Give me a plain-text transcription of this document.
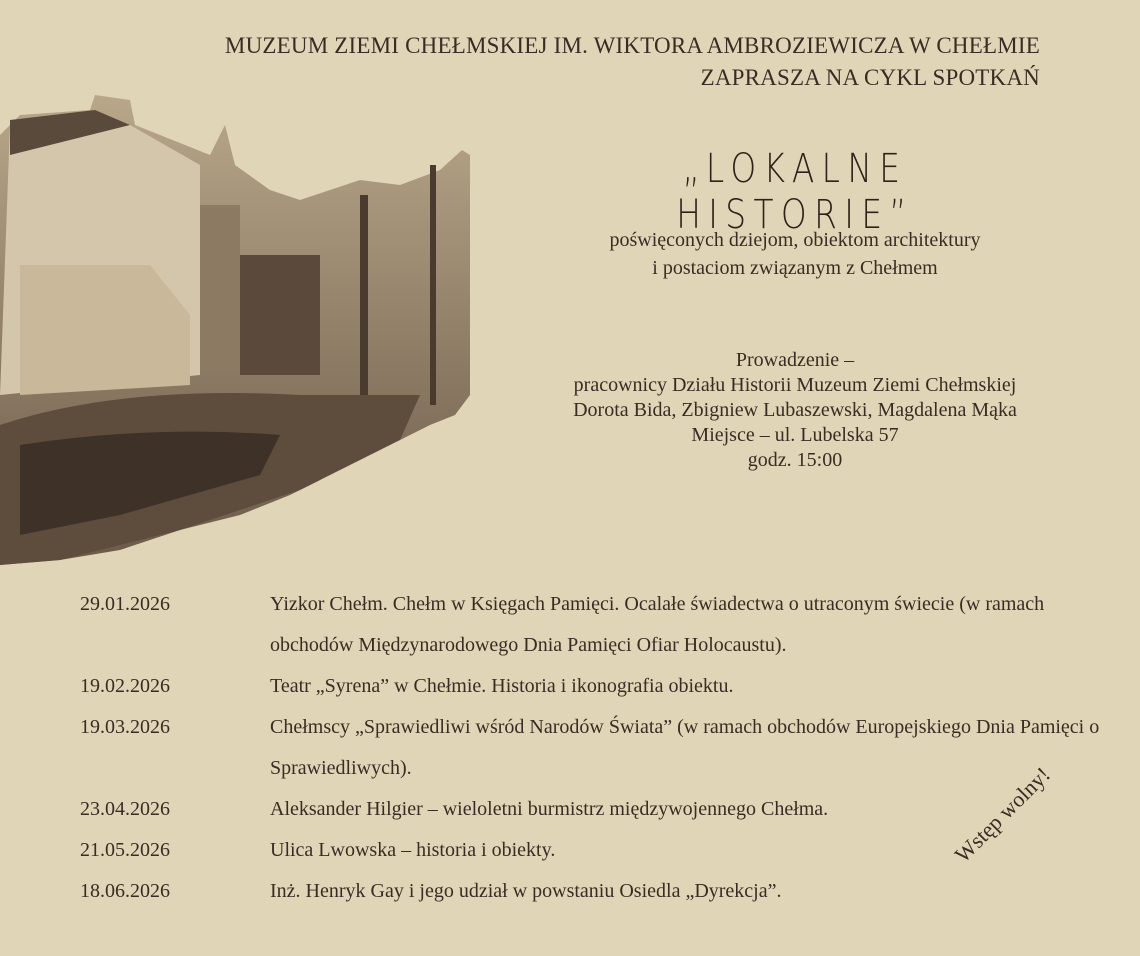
MUZEUM ZIEMI CHEŁMSKIEJ IM. WIKTORA AMBROZIEWICZA W CHEŁMIE
ZAPRASZA NA CYKL SPOTKAŃ
„LOKALNE HISTORIE”
poświęconych dziejom, obiektom architektury
i postaciom związanym z Chełmem
Prowadzenie –
pracownicy Działu Historii Muzeum Ziemi Chełmskiej
Dorota Bida, Zbigniew Lubaszewski, Magdalena Mąka
Miejsce – ul. Lubelska 57
godz. 15:00
29.01.2026	Yizkor Chełm. Chełm w Księgach Pamięci. Ocalałe świadectwa o utraconym świecie (w ramach obchodów Międzynarodowego Dnia Pamięci Ofiar Holocaustu).
19.02.2026	Teatr „Syrena” w Chełmie. Historia i ikonografia obiektu.
19.03.2026	Chełmscy „Sprawiedliwi wśród Narodów Świata” (w ramach obchodów Europejskiego Dnia Pamięci o Sprawiedliwych).
23.04.2026	Aleksander Hilgier – wieloletni burmistrz międzywojennego Chełma.
21.05.2026	Ulica Lwowska – historia i obiekty.
18.06.2026	Inż. Henryk Gay i jego udział w powstaniu Osiedla „Dyrekcja”.
Wstęp wolny!
